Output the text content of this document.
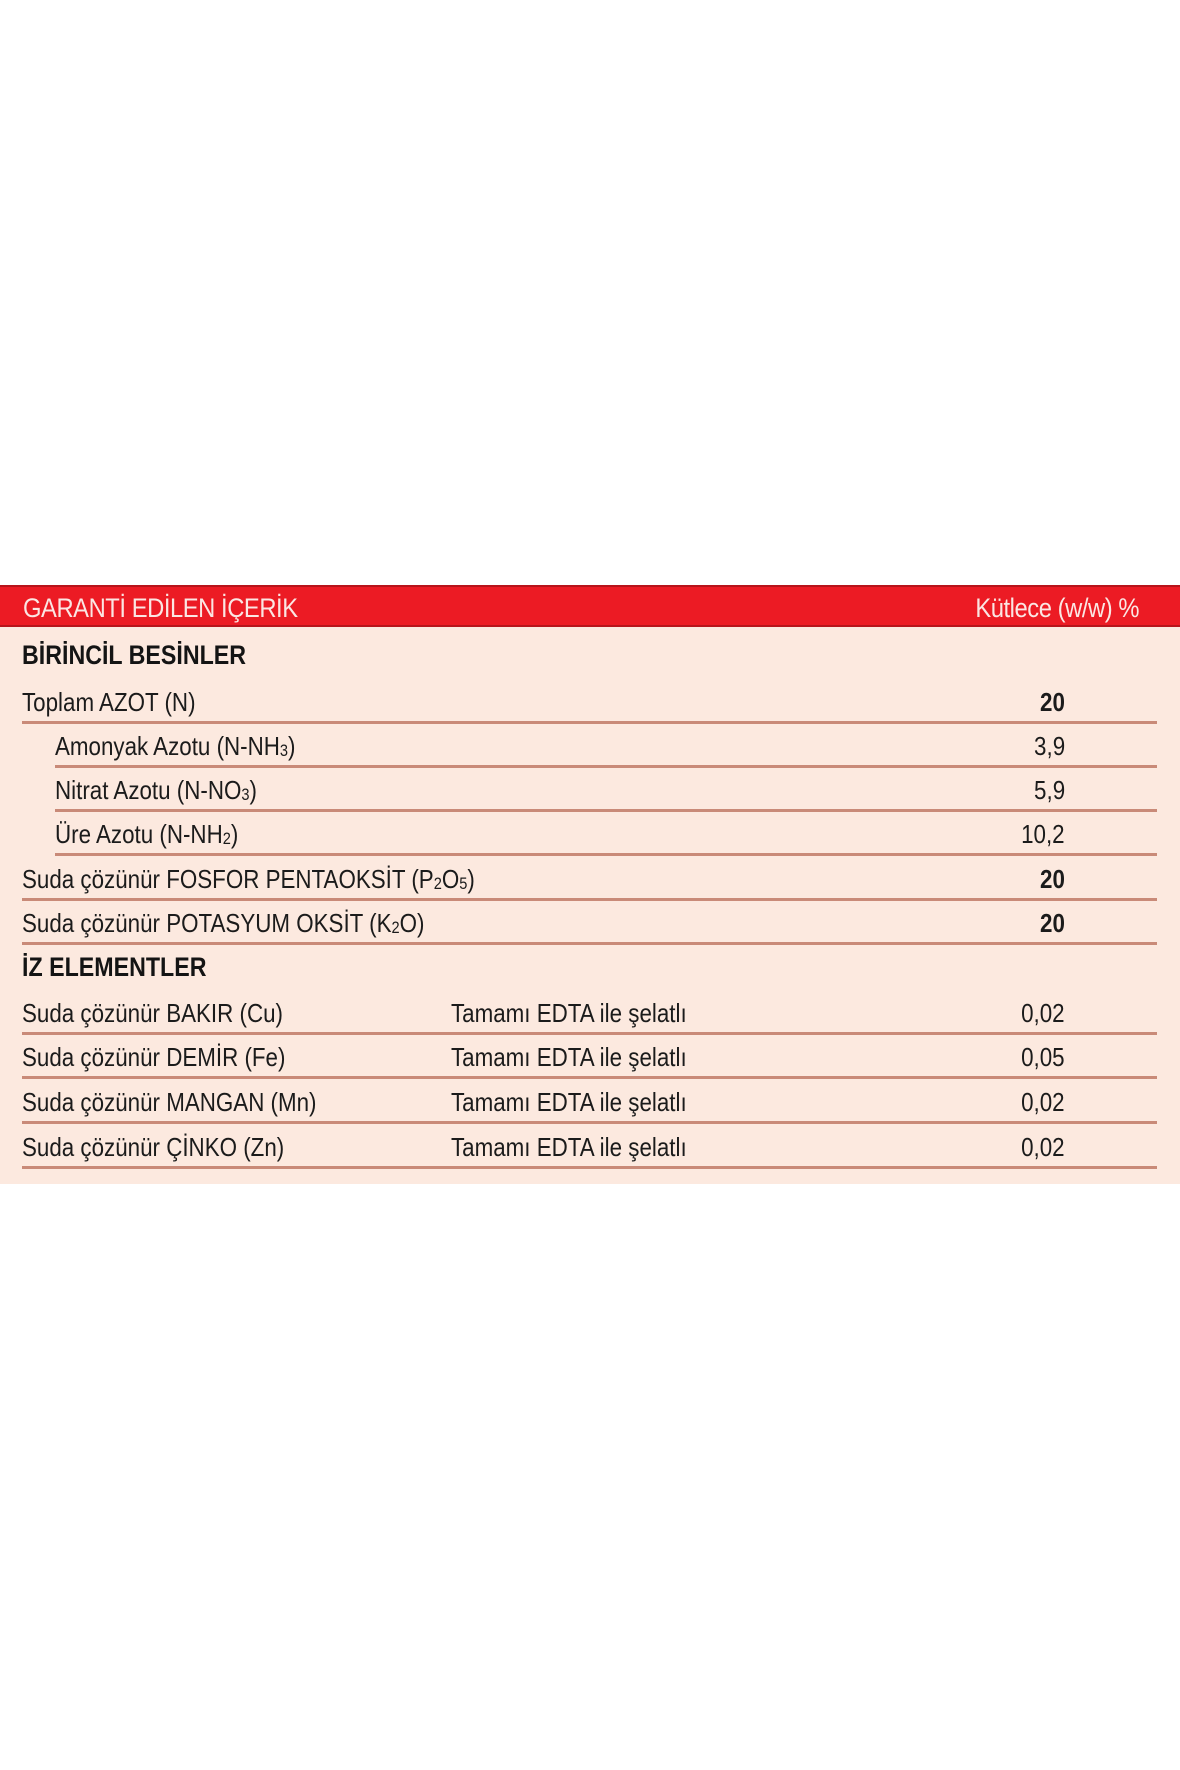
GARANTİ EDİLEN İÇERİK	Kütlece (w/w) %
BİRİNCİL BESİNLER
Toplam AZOT (N)	20
Amonyak Azotu $(N-NH_3)$	3,9
Nitrat Azotu $(N-NO_3)$	5,9
Üre Azotu $(N-NH_2)$	10,2
Suda çözünür FOSFOR PENTAOKSİT $(P_2O_5)$	20
Suda çözünür POTASYUM OKSİT $(K_2O)$	20
İZ ELEMENTLER
Suda çözünür BAKIR (Cu)	Tamamı EDTA ile şelatlı	0,02
Suda çözünür DEMİR (Fe)	Tamamı EDTA ile şelatlı	0,05
Suda çözünür MANGAN (Mn)	Tamamı EDTA ile şelatlı	0,02
Suda çözünür ÇİNKO (Zn)	Tamamı EDTA ile şelatlı	0,02
